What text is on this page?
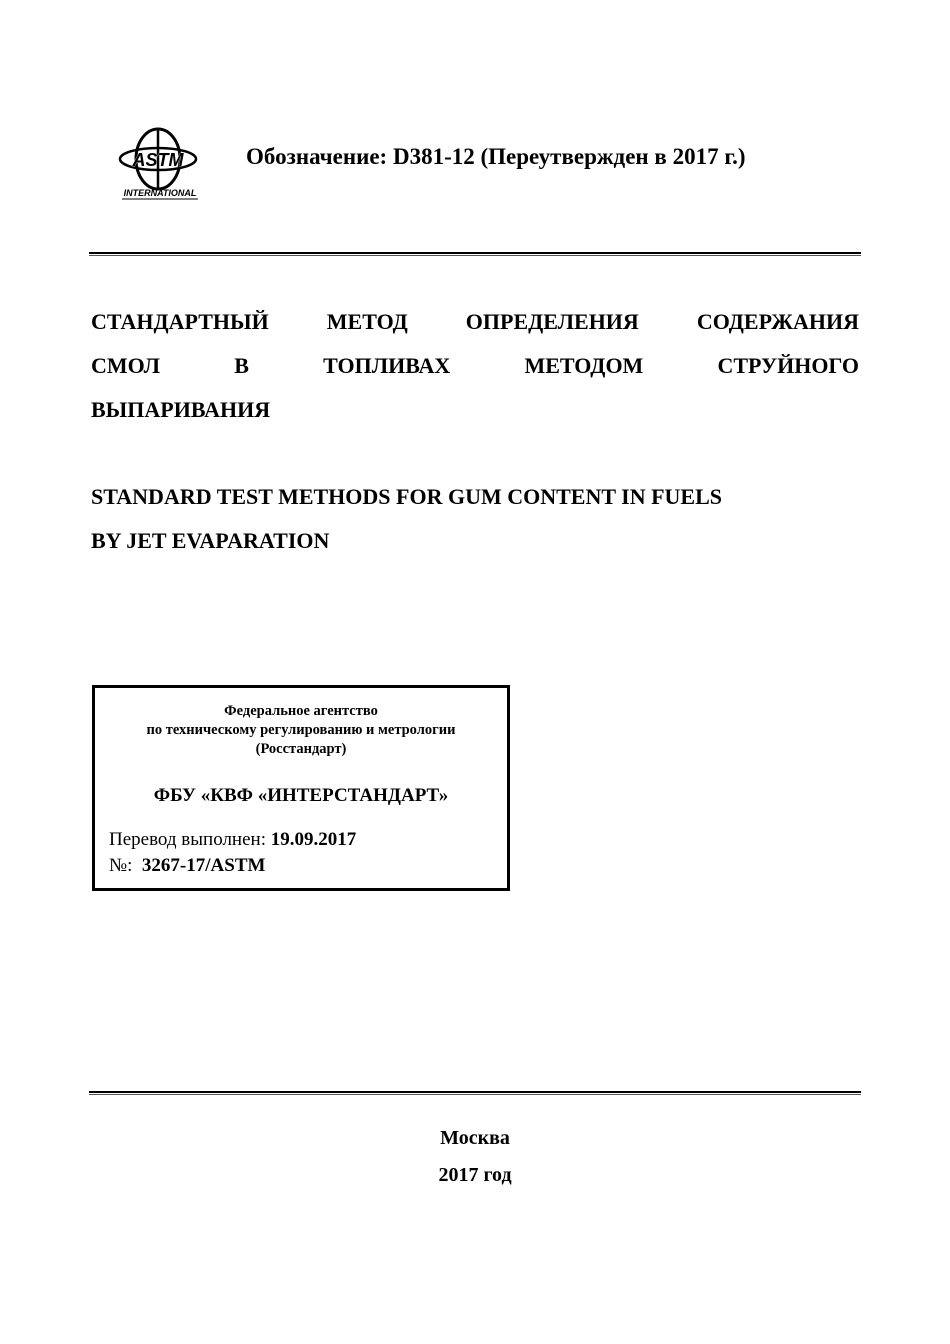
ASTM
INTERNATIONAL
Обозначение: D381-12 (Переутвержден в 2017 г.)
СТАНДАРТНЫЙ МЕТОД ОПРЕДЕЛЕНИЯ СОДЕРЖАНИЯ
СМОЛ В ТОПЛИВАХ МЕТОДОМ СТРУЙНОГО
ВЫПАРИВАНИЯ
STANDARD TEST METHODS FOR GUM CONTENT IN FUELS
BY JET EVAPARATION
Федеральное агентство
по техническому регулированию и метрологии
(Росстандарт)
ФБУ «КВФ «ИНТЕРСТАНДАРТ»
Перевод выполнен: 19.09.2017
№: 3267-17/ASTM
Москва
2017 год
